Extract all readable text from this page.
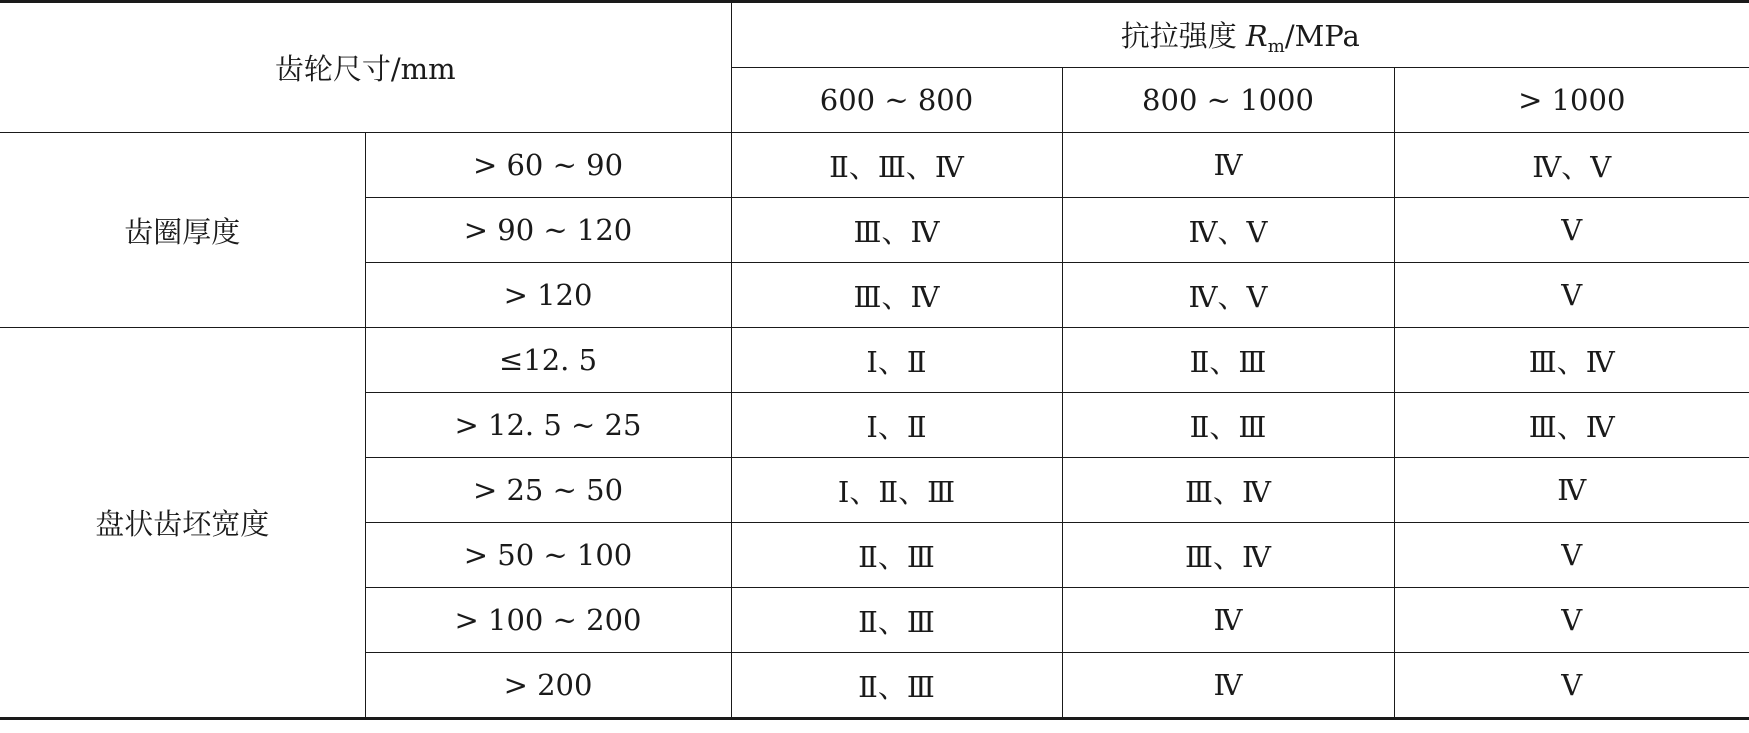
齿轮尺寸/mm		抗拉强度 $R_m$/MPa		
		600 ~ 800	800 ~ 1000	> 1000
齿圈厚度	> 60 ~ 90	Ⅱ、Ⅲ、Ⅳ	Ⅳ	Ⅳ、Ⅴ
	> 90 ~ 120	Ⅲ、Ⅳ	Ⅳ、Ⅴ	Ⅴ
	> 120	Ⅲ、Ⅳ	Ⅳ、Ⅴ	Ⅴ
盘状齿坯宽度	≤12. 5	Ⅰ、Ⅱ	Ⅱ、Ⅲ	Ⅲ、Ⅳ
	> 12. 5 ~ 25	Ⅰ、Ⅱ	Ⅱ、Ⅲ	Ⅲ、Ⅳ
	> 25 ~ 50	Ⅰ、Ⅱ、Ⅲ	Ⅲ、Ⅳ	Ⅳ
	> 50 ~ 100	Ⅱ、Ⅲ	Ⅲ、Ⅳ	Ⅴ
	> 100 ~ 200	Ⅱ、Ⅲ	Ⅳ	Ⅴ
	> 200	Ⅱ、Ⅲ	Ⅳ	Ⅴ
